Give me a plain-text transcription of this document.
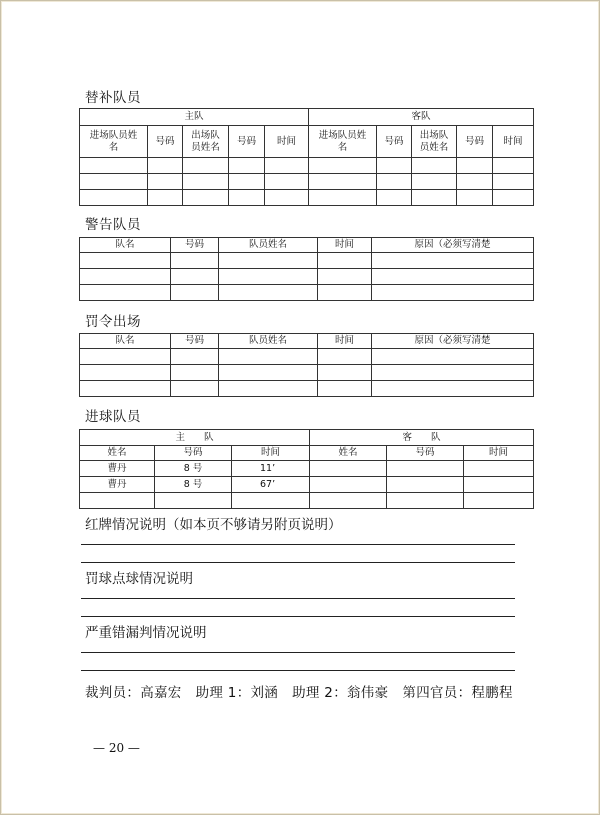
替补队员
主队					客队				
进场队员姓名	号码	出场队员姓名	号码	时间	进场队员姓名	号码	出场队员姓名	号码	时间

警告队员
队名	号码	队员姓名	时间	原因（必须写清楚

罚令出场
队名	号码	队员姓名	时间	原因（必须写清楚

进球队员
主　　队			客　　队		
姓名	号码	时间	姓名	号码	时间
曹丹	8 号	11’			
曹丹	8 号	67’			

红牌情况说明（如本页不够请另附页说明）
罚球点球情况说明
严重错漏判情况说明
裁判员：高嘉宏 助理 1：刘涵 助理 2：翁伟豪 第四官员：程鹏程
— 20 —
